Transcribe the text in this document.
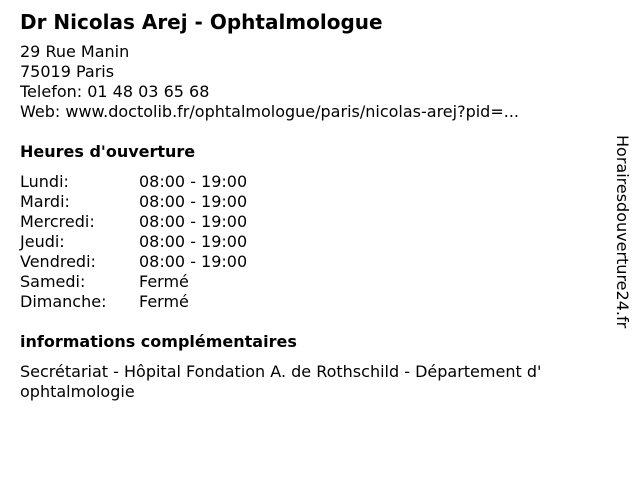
Dr Nicolas Arej - Ophtalmologue
29 Rue Manin
75019 Paris
Telefon: 01 48 03 65 68
Web: www.doctolib.fr/ophtalmologue/paris/nicolas-arej?pid=...
Heures d'ouverture
Lundi:	08:00 - 19:00
Mardi:	08:00 - 19:00
Mercredi:	08:00 - 19:00
Jeudi:	08:00 - 19:00
Vendredi:	08:00 - 19:00
Samedi:	Fermé
Dimanche:	Fermé
informations complémentaires
Secrétariat - Hôpital Fondation A. de Rothschild - Département d' ophtalmologie
Horairesdouverture24.fr
